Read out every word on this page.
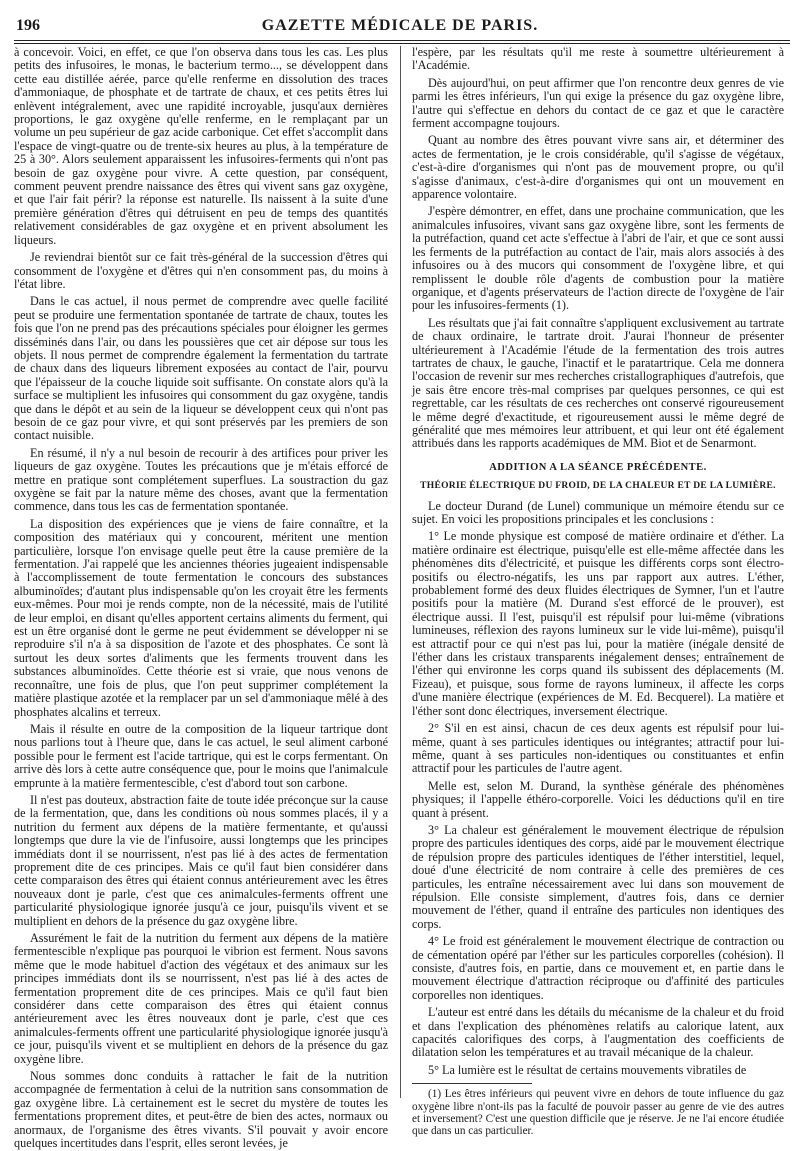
196	GAZETTE MÉDICALE DE PARIS.

à concevoir. Voici, en effet, ce que l'on observa dans tous les cas. Les plus petits des infusoires, le monas, le bacterium termo..., se développent dans cette eau distillée aérée, parce qu'elle renferme en dissolution des traces d'ammoniaque, de phosphate et de tartrate de chaux, et ces petits êtres lui enlèvent intégralement, avec une rapidité incroyable, jusqu'aux dernières proportions, le gaz oxygène qu'elle renferme, en le remplaçant par un volume un peu supérieur de gaz acide carbonique. Cet effet s'accomplit dans l'espace de vingt-quatre ou de trente-six heures au plus, à la température de 25 à 30°. Alors seulement apparaissent les infusoires-ferments qui n'ont pas besoin de gaz oxygène pour vivre. A cette question, par conséquent, comment peuvent prendre naissance des êtres qui vivent sans gaz oxygène, et que l'air fait périr? la réponse est naturelle. Ils naissent à la suite d'une première génération d'êtres qui détruisent en peu de temps des quantités relativement considérables de gaz oxygène et en privent absolument les liqueurs.

Je reviendrai bientôt sur ce fait très-général de la succession d'êtres qui consomment de l'oxygène et d'êtres qui n'en consomment pas, du moins à l'état libre.

Dans le cas actuel, il nous permet de comprendre avec quelle facilité peut se produire une fermentation spontanée de tartrate de chaux, toutes les fois que l'on ne prend pas des précautions spéciales pour éloigner les germes disséminés dans l'air, ou dans les poussières que cet air dépose sur tous les objets. Il nous permet de comprendre également la fermentation du tartrate de chaux dans des liqueurs librement exposées au contact de l'air, pourvu que l'épaisseur de la couche liquide soit suffisante. On constate alors qu'à la surface se multiplient les infusoires qui consomment du gaz oxygène, tandis que dans le dépôt et au sein de la liqueur se développent ceux qui n'ont pas besoin de ce gaz pour vivre, et qui sont préservés par les premiers de son contact nuisible.

En résumé, il n'y a nul besoin de recourir à des artifices pour priver les liqueurs de gaz oxygène. Toutes les précautions que je m'étais efforcé de mettre en pratique sont complétement superflues. La soustraction du gaz oxygène se fait par la nature même des choses, avant que la fermentation commence, dans tous les cas de fermentation spontanée.

La disposition des expériences que je viens de faire connaître, et la composition des matériaux qui y concourent, méritent une mention particulière, lorsque l'on envisage quelle peut être la cause première de la fermentation. J'ai rappelé que les anciennes théories jugeaient indispensable à l'accomplissement de toute fermentation le concours des substances albuminoïdes; d'autant plus indispensable qu'on les croyait être les ferments eux-mêmes. Pour moi je rends compte, non de la nécessité, mais de l'utilité de leur emploi, en disant qu'elles apportent certains aliments du ferment, qui est un être organisé dont le germe ne peut évidemment se développer ni se reproduire s'il n'a à sa disposition de l'azote et des phosphates. Ce sont là surtout les deux sortes d'aliments que les ferments trouvent dans les substances albuminoïdes. Cette théorie est si vraie, que nous venons de reconnaître, une fois de plus, que l'on peut supprimer complétement la matière plastique azotée et la remplacer par un sel d'ammoniaque mêlé à des phosphates alcalins et terreux.

Mais il résulte en outre de la composition de la liqueur tartrique dont nous parlions tout à l'heure que, dans le cas actuel, le seul aliment carboné possible pour le ferment est l'acide tartrique, qui est le corps fermentant. On arrive dès lors à cette autre conséquence que, pour le moins que l'animalcule emprunte à la matière fermentescible, c'est d'abord tout son carbone.

Il n'est pas douteux, abstraction faite de toute idée préconçue sur la cause de la fermentation, que, dans les conditions où nous sommes placés, il y a nutrition du ferment aux dépens de la matière fermentante, et qu'aussi longtemps que dure la vie de l'infusoire, aussi longtemps que les principes immédiats dont il se nourrissent, n'est pas lié à des actes de fermentation proprement dite de ces principes. Mais ce qu'il faut bien considérer dans cette comparaison des êtres qui étaient connus antérieurement avec les êtres nouveaux dont je parle, c'est que ces animalcules-ferments offrent une particularité physiologique ignorée jusqu'à ce jour, puisqu'ils vivent et se multiplient en dehors de la présence du gaz oxygène libre.

Assurément le fait de la nutrition du ferment aux dépens de la matière fermentescible n'explique pas pourquoi le vibrion est ferment. Nous savons même que le mode habituel d'action des végétaux et des animaux sur les principes immédiats dont ils se nourrissent, n'est pas lié à des actes de fermentation proprement dite de ces principes. Mais ce qu'il faut bien considérer dans cette comparaison des êtres qui étaient connus antérieurement avec les êtres nouveaux dont je parle, c'est que ces animalcules-ferments offrent une particularité physiologique ignorée jusqu'à ce jour, puisqu'ils vivent et se multiplient en dehors de la présence du gaz oxygène libre.

Nous sommes donc conduits à rattacher le fait de la nutrition accompagnée de fermentation à celui de la nutrition sans consommation de gaz oxygène libre. Là certainement est le secret du mystère de toutes les fermentations proprement dites, et peut-être de bien des actes, normaux ou anormaux, de l'organisme des êtres vivants. S'il pouvait y avoir encore quelques incertitudes dans l'esprit, elles seront levées, je

l'espère, par les résultats qu'il me reste à soumettre ultérieurement à l'Académie.

Dès aujourd'hui, on peut affirmer que l'on rencontre deux genres de vie parmi les êtres inférieurs, l'un qui exige la présence du gaz oxygène libre, l'autre qui s'effectue en dehors du contact de ce gaz et que le caractère ferment accompagne toujours.

Quant au nombre des êtres pouvant vivre sans air, et déterminer des actes de fermentation, je le crois considérable, qu'il s'agisse de végétaux, c'est-à-dire d'organismes qui n'ont pas de mouvement propre, ou qu'il s'agisse d'animaux, c'est-à-dire d'organismes qui ont un mouvement en apparence volontaire.

J'espère démontrer, en effet, dans une prochaine communication, que les animalcules infusoires, vivant sans gaz oxygène libre, sont les ferments de la putréfaction, quand cet acte s'effectue à l'abri de l'air, et que ce sont aussi les ferments de la putréfaction au contact de l'air, mais alors associés à des infusoires ou à des mucors qui consomment de l'oxygène libre, et qui remplissent le double rôle d'agents de combustion pour la matière organique, et d'agents préservateurs de l'action directe de l'oxygène de l'air pour les infusoires-ferments (1).

Les résultats que j'ai fait connaître s'appliquent exclusivement au tartrate de chaux ordinaire, le tartrate droit. J'aurai l'honneur de présenter ultérieurement à l'Académie l'étude de la fermentation des trois autres tartrates de chaux, le gauche, l'inactif et le paratartrique. Cela me donnera l'occasion de revenir sur mes recherches cristallographiques d'autrefois, que je sais être encore très-mal comprises par quelques personnes, ce qui est regrettable, car les résultats de ces recherches ont conservé rigoureusement le même degré d'exactitude, et rigoureusement aussi le même degré de généralité que mes mémoires leur attribuent, et qui leur ont été également attribués dans les rapports académiques de MM. Biot et de Senarmont.

ADDITION A LA SÉANCE PRÉCÉDENTE.
THÉORIE ÉLECTRIQUE DU FROID, DE LA CHALEUR ET DE LA LUMIÈRE.

Le docteur Durand (de Lunel) communique un mémoire étendu sur ce sujet. En voici les propositions principales et les conclusions :

1° Le monde physique est composé de matière ordinaire et d'éther. La matière ordinaire est électrique, puisqu'elle est elle-même affectée dans les phénomènes dits d'électricité, et puisque les différents corps sont électro-positifs ou électro-négatifs, les uns par rapport aux autres. L'éther, probablement formé des deux fluides électriques de Symner, l'un et l'autre positifs pour la matière (M. Durand s'est efforcé de le prouver), est électrique aussi. Il l'est, puisqu'il est répulsif pour lui-même (vibrations lumineuses, réflexion des rayons lumineux sur le vide lui-même), puisqu'il est attractif pour ce qui n'est pas lui, pour la matière (inégale densité de l'éther dans les cristaux transparents inégalement denses; entraînement de l'éther qui environne les corps quand ils subissent des déplacements (M. Fizeau), et puisque, sous forme de rayons lumineux, il affecte les corps d'une manière électrique (expériences de M. Ed. Becquerel). La matière et l'éther sont donc électriques, inversement électrique.

2° S'il en est ainsi, chacun de ces deux agents est répulsif pour lui-même, quant à ses particules identiques ou intégrantes; attractif pour lui-même, quant à ses particules non-identiques ou constituantes et enfin attractif pour les particules de l'autre agent.

Melle est, selon M. Durand, la synthèse générale des phénomènes physiques; il l'appelle éthéro-corporelle. Voici les déductions qu'il en tire quant à présent.

3° La chaleur est généralement le mouvement électrique de répulsion propre des particules identiques des corps, aidé par le mouvement électrique de répulsion propre des particules identiques de l'éther interstitiel, lequel, doué d'une électricité de nom contraire à celle des premières de ces particules, les entraîne nécessairement avec lui dans son mouvement de répulsion. Elle consiste simplement, d'autres fois, dans ce dernier mouvement de l'éther, quand il entraîne des particules non identiques des corps.

4° Le froid est généralement le mouvement électrique de contraction ou de cémentation opéré par l'éther sur les particules corporelles (cohésion). Il consiste, d'autres fois, en partie, dans ce mouvement et, en partie dans le mouvement électrique d'attraction réciproque ou d'affinité des particules corporelles non identiques.

L'auteur est entré dans les détails du mécanisme de la chaleur et du froid et dans l'explication des phénomènes relatifs au calorique latent, aux capacités calorifiques des corps, à l'augmentation des coefficients de dilatation selon les températures et au travail mécanique de la chaleur.

5° La lumière est le résultat de certains mouvements vibratiles de

(1) Les êtres inférieurs qui peuvent vivre en dehors de toute influence du gaz oxygène libre n'ont-ils pas la faculté de pouvoir passer au genre de vie des autres et inversement? C'est une question difficile que je réserve. Je ne l'ai encore étudiée que dans un cas particulier.
